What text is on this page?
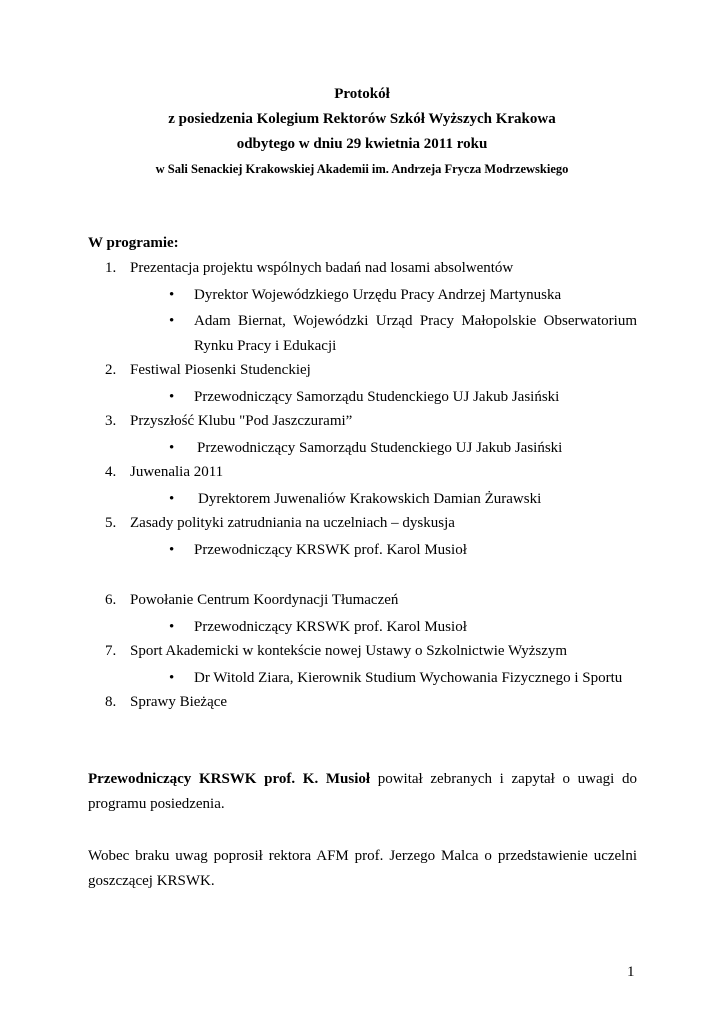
Protokół
z posiedzenia Kolegium Rektorów Szkół Wyższych Krakowa
odbytego w dniu 29 kwietnia 2011 roku
w Sali Senackiej Krakowskiej Akademii im. Andrzeja Frycza Modrzewskiego
W programie:
1. Prezentacja projektu wspólnych badań nad losami absolwentów
• Dyrektor Wojewódzkiego Urzędu Pracy Andrzej Martynuska
• Adam Biernat, Wojewódzki Urząd Pracy Małopolskie Obserwatorium
Rynku Pracy i Edukacji
2. Festiwal Piosenki Studenckiej
• Przewodniczący Samorządu Studenckiego UJ Jakub Jasiński
3. Przyszłość Klubu "Pod Jaszczurami”
• Przewodniczący Samorządu Studenckiego UJ Jakub Jasiński
4. Juwenalia 2011
• Dyrektorem Juwenaliów Krakowskich Damian Żurawski
5. Zasady polityki zatrudniania na uczelniach – dyskusja
• Przewodniczący KRSWK prof. Karol Musioł
6. Powołanie Centrum Koordynacji Tłumaczeń
• Przewodniczący KRSWK prof. Karol Musioł
7. Sport Akademicki w kontekście nowej Ustawy o Szkolnictwie Wyższym
• Dr Witold Ziara, Kierownik Studium Wychowania Fizycznego i Sportu
8. Sprawy Bieżące
Przewodniczący KRSWK prof. K. Musioł powitał zebranych i zapytał o uwagi do
programu posiedzenia.
Wobec braku uwag poprosił rektora AFM prof. Jerzego Malca o przedstawienie uczelni
goszczącej KRSWK.
1
